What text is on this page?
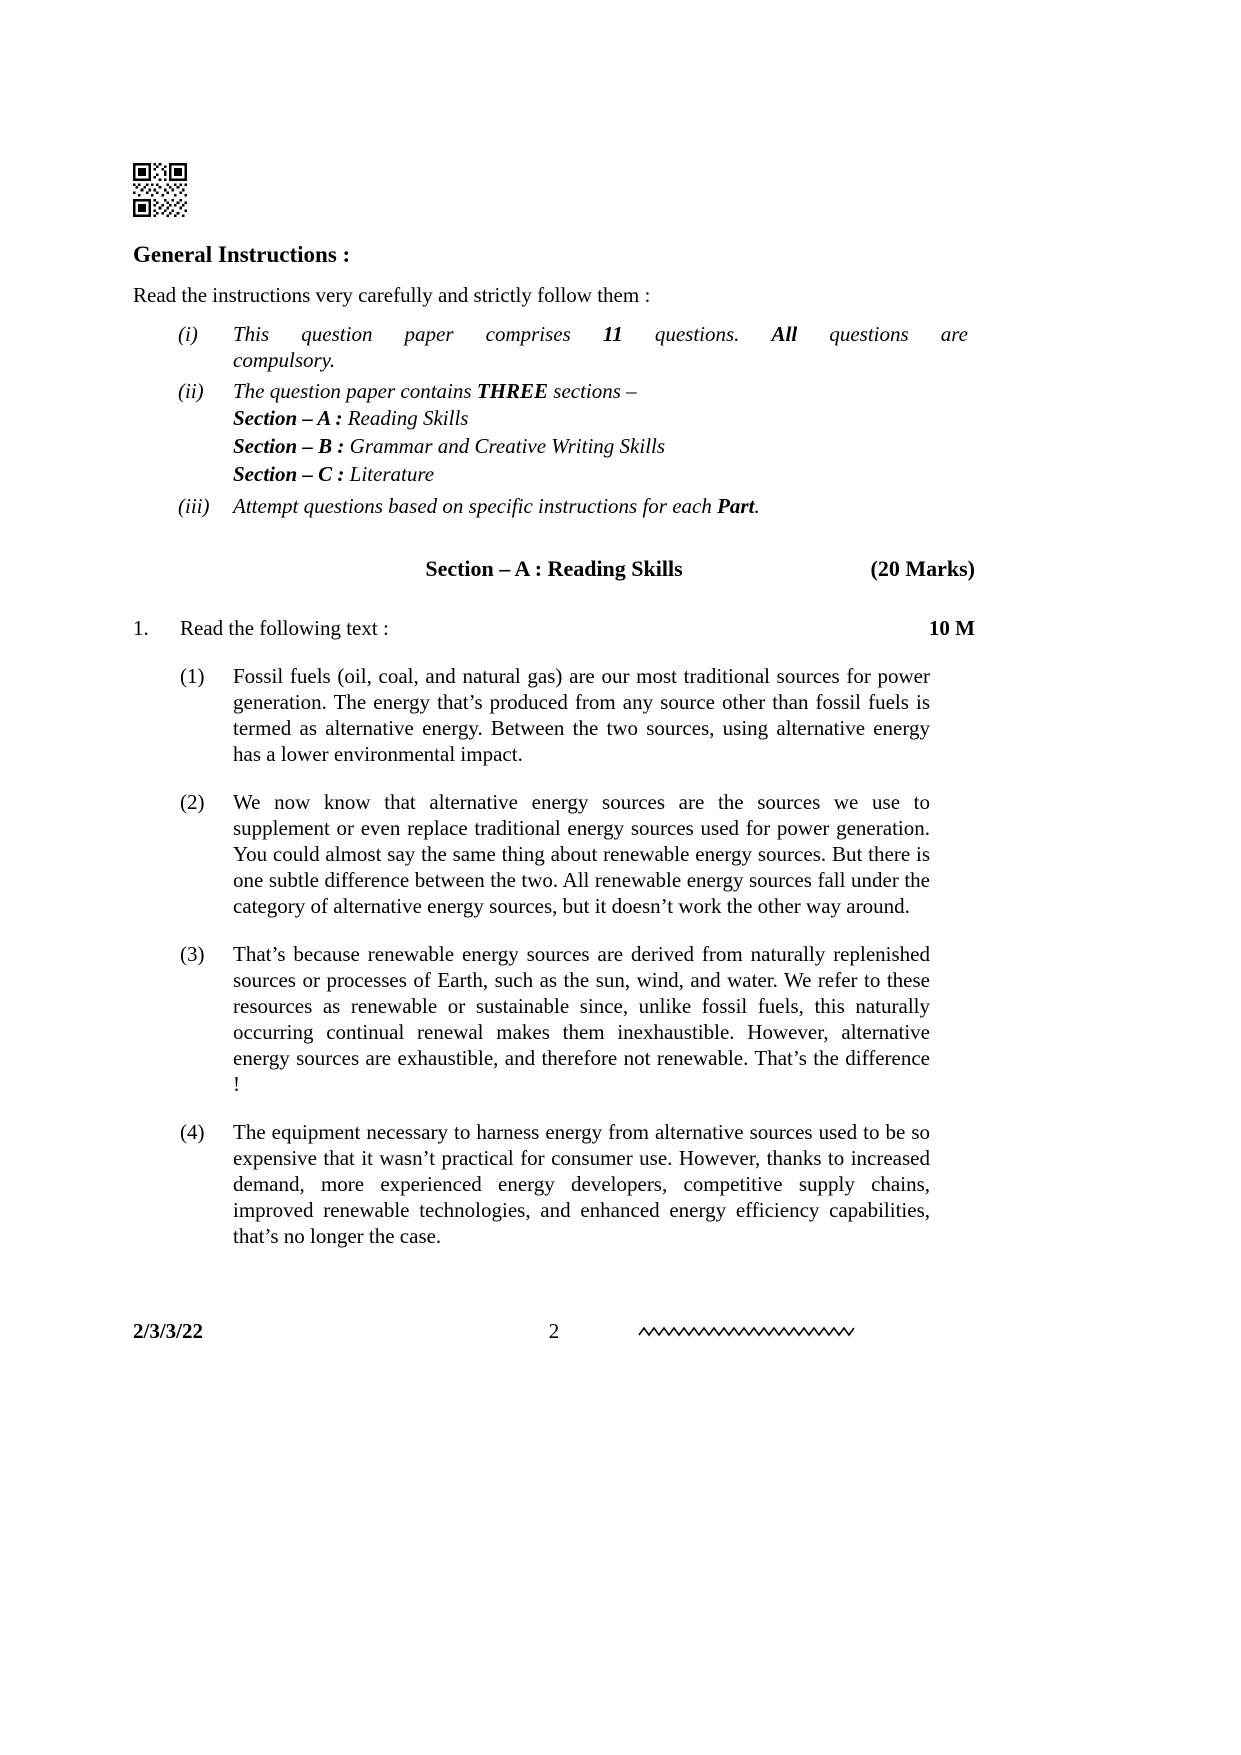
General Instructions :
Read the instructions very carefully and strictly follow them :
(i)	This question paper comprises 11 questions. All questions are
compulsory.
(ii)	The question paper contains THREE sections –
Section – A : Reading Skills
Section – B : Grammar and Creative Writing Skills
Section – C : Literature
(iii)	Attempt questions based on specific instructions for each Part.
Section – A : Reading Skills	(20 Marks)
1.	Read the following text :	10 M
(1)	Fossil fuels (oil, coal, and natural gas) are our most traditional sources for power generation. The energy that’s produced from any source other than fossil fuels is termed as alternative energy. Between the two sources, using alternative energy has a lower environmental impact.
(2)	We now know that alternative energy sources are the sources we use to supplement or even replace traditional energy sources used for power generation. You could almost say the same thing about renewable energy sources. But there is one subtle difference between the two. All renewable energy sources fall under the category of alternative energy sources, but it doesn’t work the other way around.
(3)	That’s because renewable energy sources are derived from naturally replenished sources or processes of Earth, such as the sun, wind, and water. We refer to these resources as renewable or sustainable since, unlike fossil fuels, this naturally occurring continual renewal makes them inexhaustible. However, alternative energy sources are exhaustible, and therefore not renewable. That’s the difference !
(4)	The equipment necessary to harness energy from alternative sources used to be so expensive that it wasn’t practical for consumer use. However, thanks to increased demand, more experienced energy developers, competitive supply chains, improved renewable technologies, and enhanced energy efficiency capabilities, that’s no longer the case.
2/3/3/22	2
